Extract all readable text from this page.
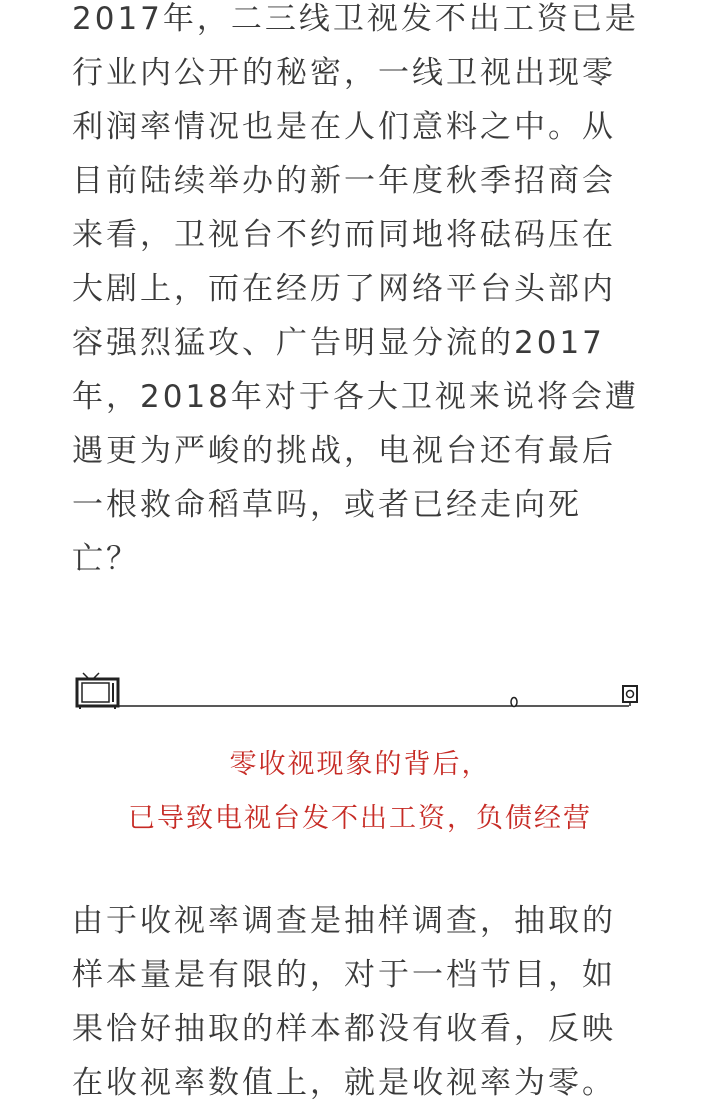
2017年，二三线卫视发不出工资已是
行业内公开的秘密，一线卫视出现零
利润率情况也是在人们意料之中。从
目前陆续举办的新一年度秋季招商会
来看，卫视台不约而同地将砝码压在
大剧上，而在经历了网络平台头部内
容强烈猛攻、广告明显分流的2017
年，2018年对于各大卫视来说将会遭
遇更为严峻的挑战，电视台还有最后
一根救命稻草吗，或者已经走向死
亡？

零收视现象的背后，

已导致电视台发不出工资，负债经营

由于收视率调查是抽样调查，抽取的
样本量是有限的，对于一档节目，如
果恰好抽取的样本都没有收看，反映
在收视率数值上，就是收视率为零。
